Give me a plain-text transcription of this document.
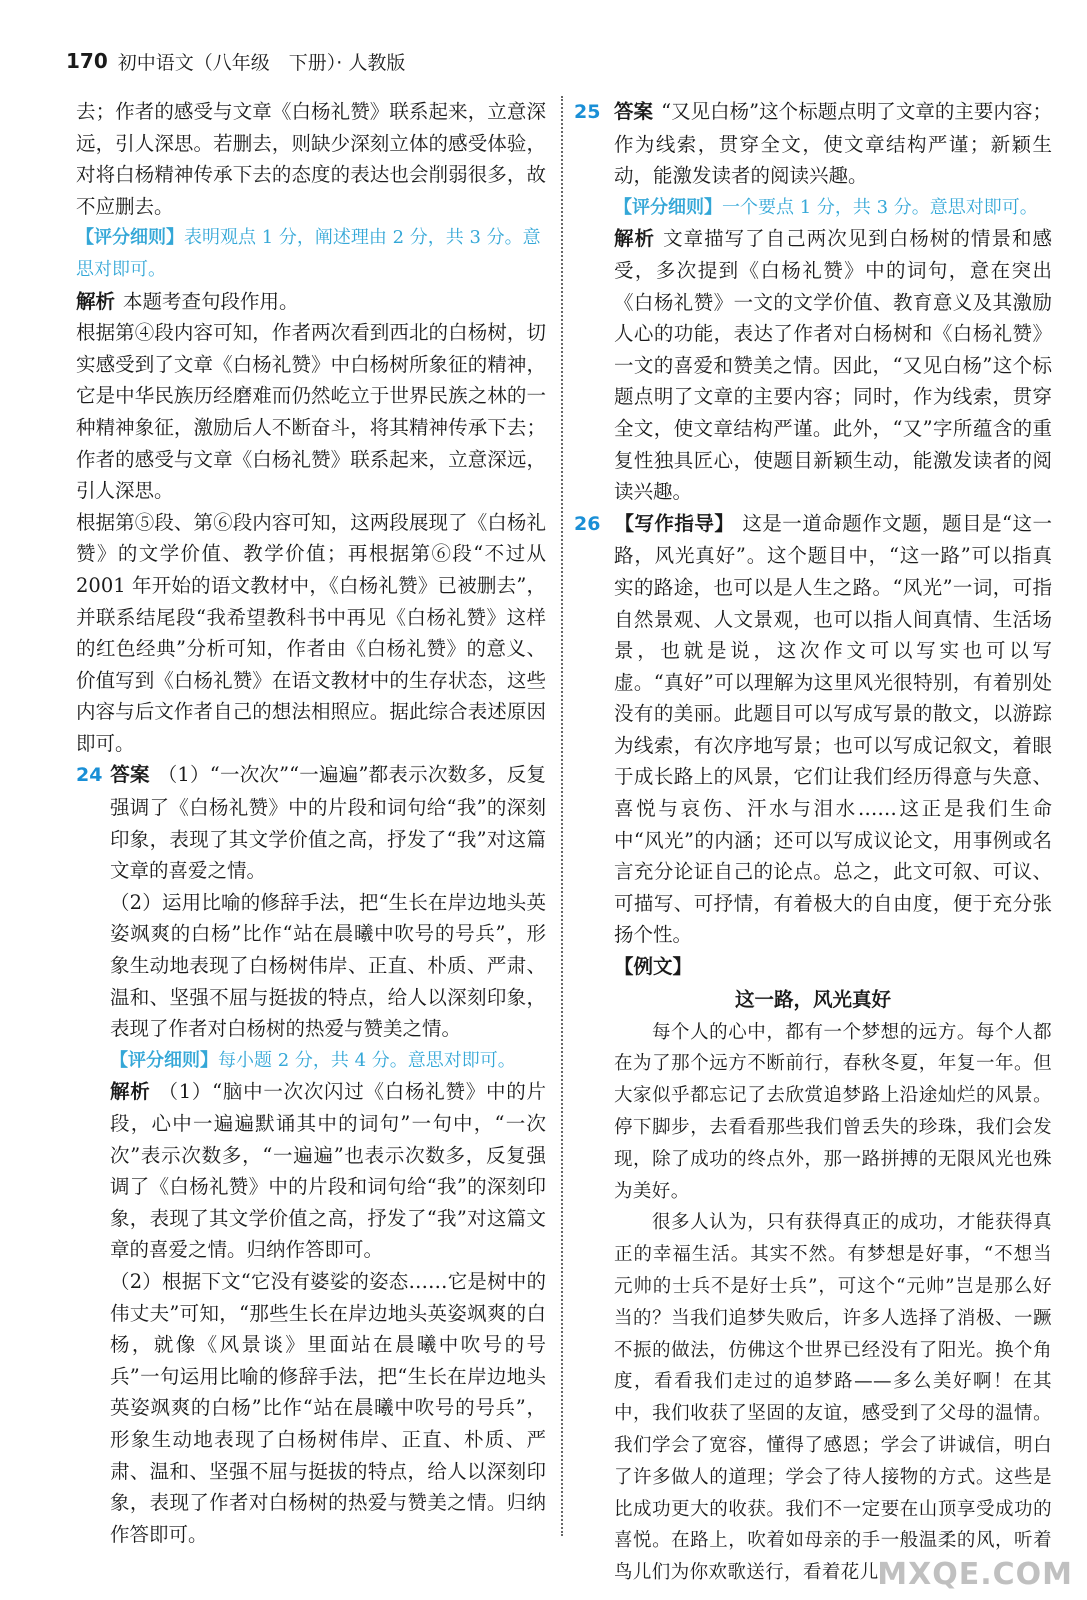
170 初中语文（八年级　下册）· 人教版

去；作者的感受与文章《白杨礼赞》联系起来，立意深远，引人深思。若删去，则缺少深刻立体的感受体验，对将白杨精神传承下去的态度的表达也会削弱很多，故不应删去。

【评分细则】表明观点 1 分，阐述理由 2 分，共 3 分。意思对即可。

解析 本题考查句段作用。

根据第④段内容可知，作者两次看到西北的白杨树，切实感受到了文章《白杨礼赞》中白杨树所象征的精神，它是中华民族历经磨难而仍然屹立于世界民族之林的一种精神象征，激励后人不断奋斗，将其精神传承下去；作者的感受与文章《白杨礼赞》联系起来，立意深远，引人深思。

根据第⑤段、第⑥段内容可知，这两段展现了《白杨礼赞》的文学价值、教学价值；再根据第⑥段“不过从 2001 年开始的语文教材中，《白杨礼赞》已被删去”，并联系结尾段“我希望教科书中再见《白杨礼赞》这样的红色经典”分析可知，作者由《白杨礼赞》的意义、价值写到《白杨礼赞》在语文教材中的生存状态，这些内容与后文作者自己的想法相照应。据此综合表述原因即可。

24 答案 （1）“一次次”“一遍遍”都表示次数多，反复强调了《白杨礼赞》中的片段和词句给“我”的深刻印象，表现了其文学价值之高，抒发了“我”对这篇文章的喜爱之情。

（2）运用比喻的修辞手法，把“生长在岸边地头英姿飒爽的白杨”比作“站在晨曦中吹号的号兵”，形象生动地表现了白杨树伟岸、正直、朴质、严肃、温和、坚强不屈与挺拔的特点，给人以深刻印象，表现了作者对白杨树的热爱与赞美之情。

【评分细则】每小题 2 分，共 4 分。意思对即可。

解析 （1）“脑中一次次闪过《白杨礼赞》中的片段，心中一遍遍默诵其中的词句”一句中，“一次次”表示次数多，“一遍遍”也表示次数多，反复强调了《白杨礼赞》中的片段和词句给“我”的深刻印象，表现了其文学价值之高，抒发了“我”对这篇文章的喜爱之情。归纳作答即可。

（2）根据下文“它没有婆娑的姿态……它是树中的伟丈夫”可知，“那些生长在岸边地头英姿飒爽的白杨，就像《风景谈》里面站在晨曦中吹号的号兵”一句运用比喻的修辞手法，把“生长在岸边地头英姿飒爽的白杨”比作“站在晨曦中吹号的号兵”，形象生动地表现了白杨树伟岸、正直、朴质、严肃、温和、坚强不屈与挺拔的特点，给人以深刻印象，表现了作者对白杨树的热爱与赞美之情。归纳作答即可。

25 答案 “又见白杨”这个标题点明了文章的主要内容；作为线索，贯穿全文，使文章结构严谨；新颖生动，能激发读者的阅读兴趣。

【评分细则】一个要点 1 分，共 3 分。意思对即可。

解析 文章描写了自己两次见到白杨树的情景和感受，多次提到《白杨礼赞》中的词句，意在突出《白杨礼赞》一文的文学价值、教育意义及其激励人心的功能，表达了作者对白杨树和《白杨礼赞》一文的喜爱和赞美之情。因此，“又见白杨”这个标题点明了文章的主要内容；同时，作为线索，贯穿全文，使文章结构严谨。此外，“又”字所蕴含的重复性独具匠心，使题目新颖生动，能激发读者的阅读兴趣。

26 【写作指导】 这是一道命题作文题，题目是“这一路，风光真好”。这个题目中，“这一路”可以指真实的路途，也可以是人生之路。“风光”一词，可指自然景观、人文景观，也可以指人间真情、生活场景，也就是说，这次作文可以写实也可以写虚。“真好”可以理解为这里风光很特别，有着别处没有的美丽。此题目可以写成写景的散文，以游踪为线索，有次序地写景；也可以写成记叙文，着眼于成长路上的风景，它们让我们经历得意与失意、喜悦与哀伤、汗水与泪水……这正是我们生命中“风光”的内涵；还可以写成议论文，用事例或名言充分论证自己的论点。总之，此文可叙、可议、可描写、可抒情，有着极大的自由度，便于充分张扬个性。

【例文】

这一路，风光真好

每个人的心中，都有一个梦想的远方。每个人都在为了那个远方不断前行，春秋冬夏，年复一年。但大家似乎都忘记了去欣赏追梦路上沿途灿烂的风景。停下脚步，去看看那些我们曾丢失的珍珠，我们会发现，除了成功的终点外，那一路拼搏的无限风光也殊为美好。

很多人认为，只有获得真正的成功，才能获得真正的幸福生活。其实不然。有梦想是好事，“不想当元帅的士兵不是好士兵”，可这个“元帅”岂是那么好当的？当我们追梦失败后，许多人选择了消极、一蹶不振的做法，仿佛这个世界已经没有了阳光。换个角度，看看我们走过的追梦路——多么美好啊！在其中，我们收获了坚固的友谊，感受到了父母的温情。我们学会了宽容，懂得了感恩；学会了讲诚信，明白了许多做人的道理；学会了待人接物的方式。这些是比成功更大的收获。我们不一定要在山顶享受成功的喜悦。在路上，吹着如母亲的手一般温柔的风，听着鸟儿们为你欢歌送行，看着花儿

MXQE.COM
